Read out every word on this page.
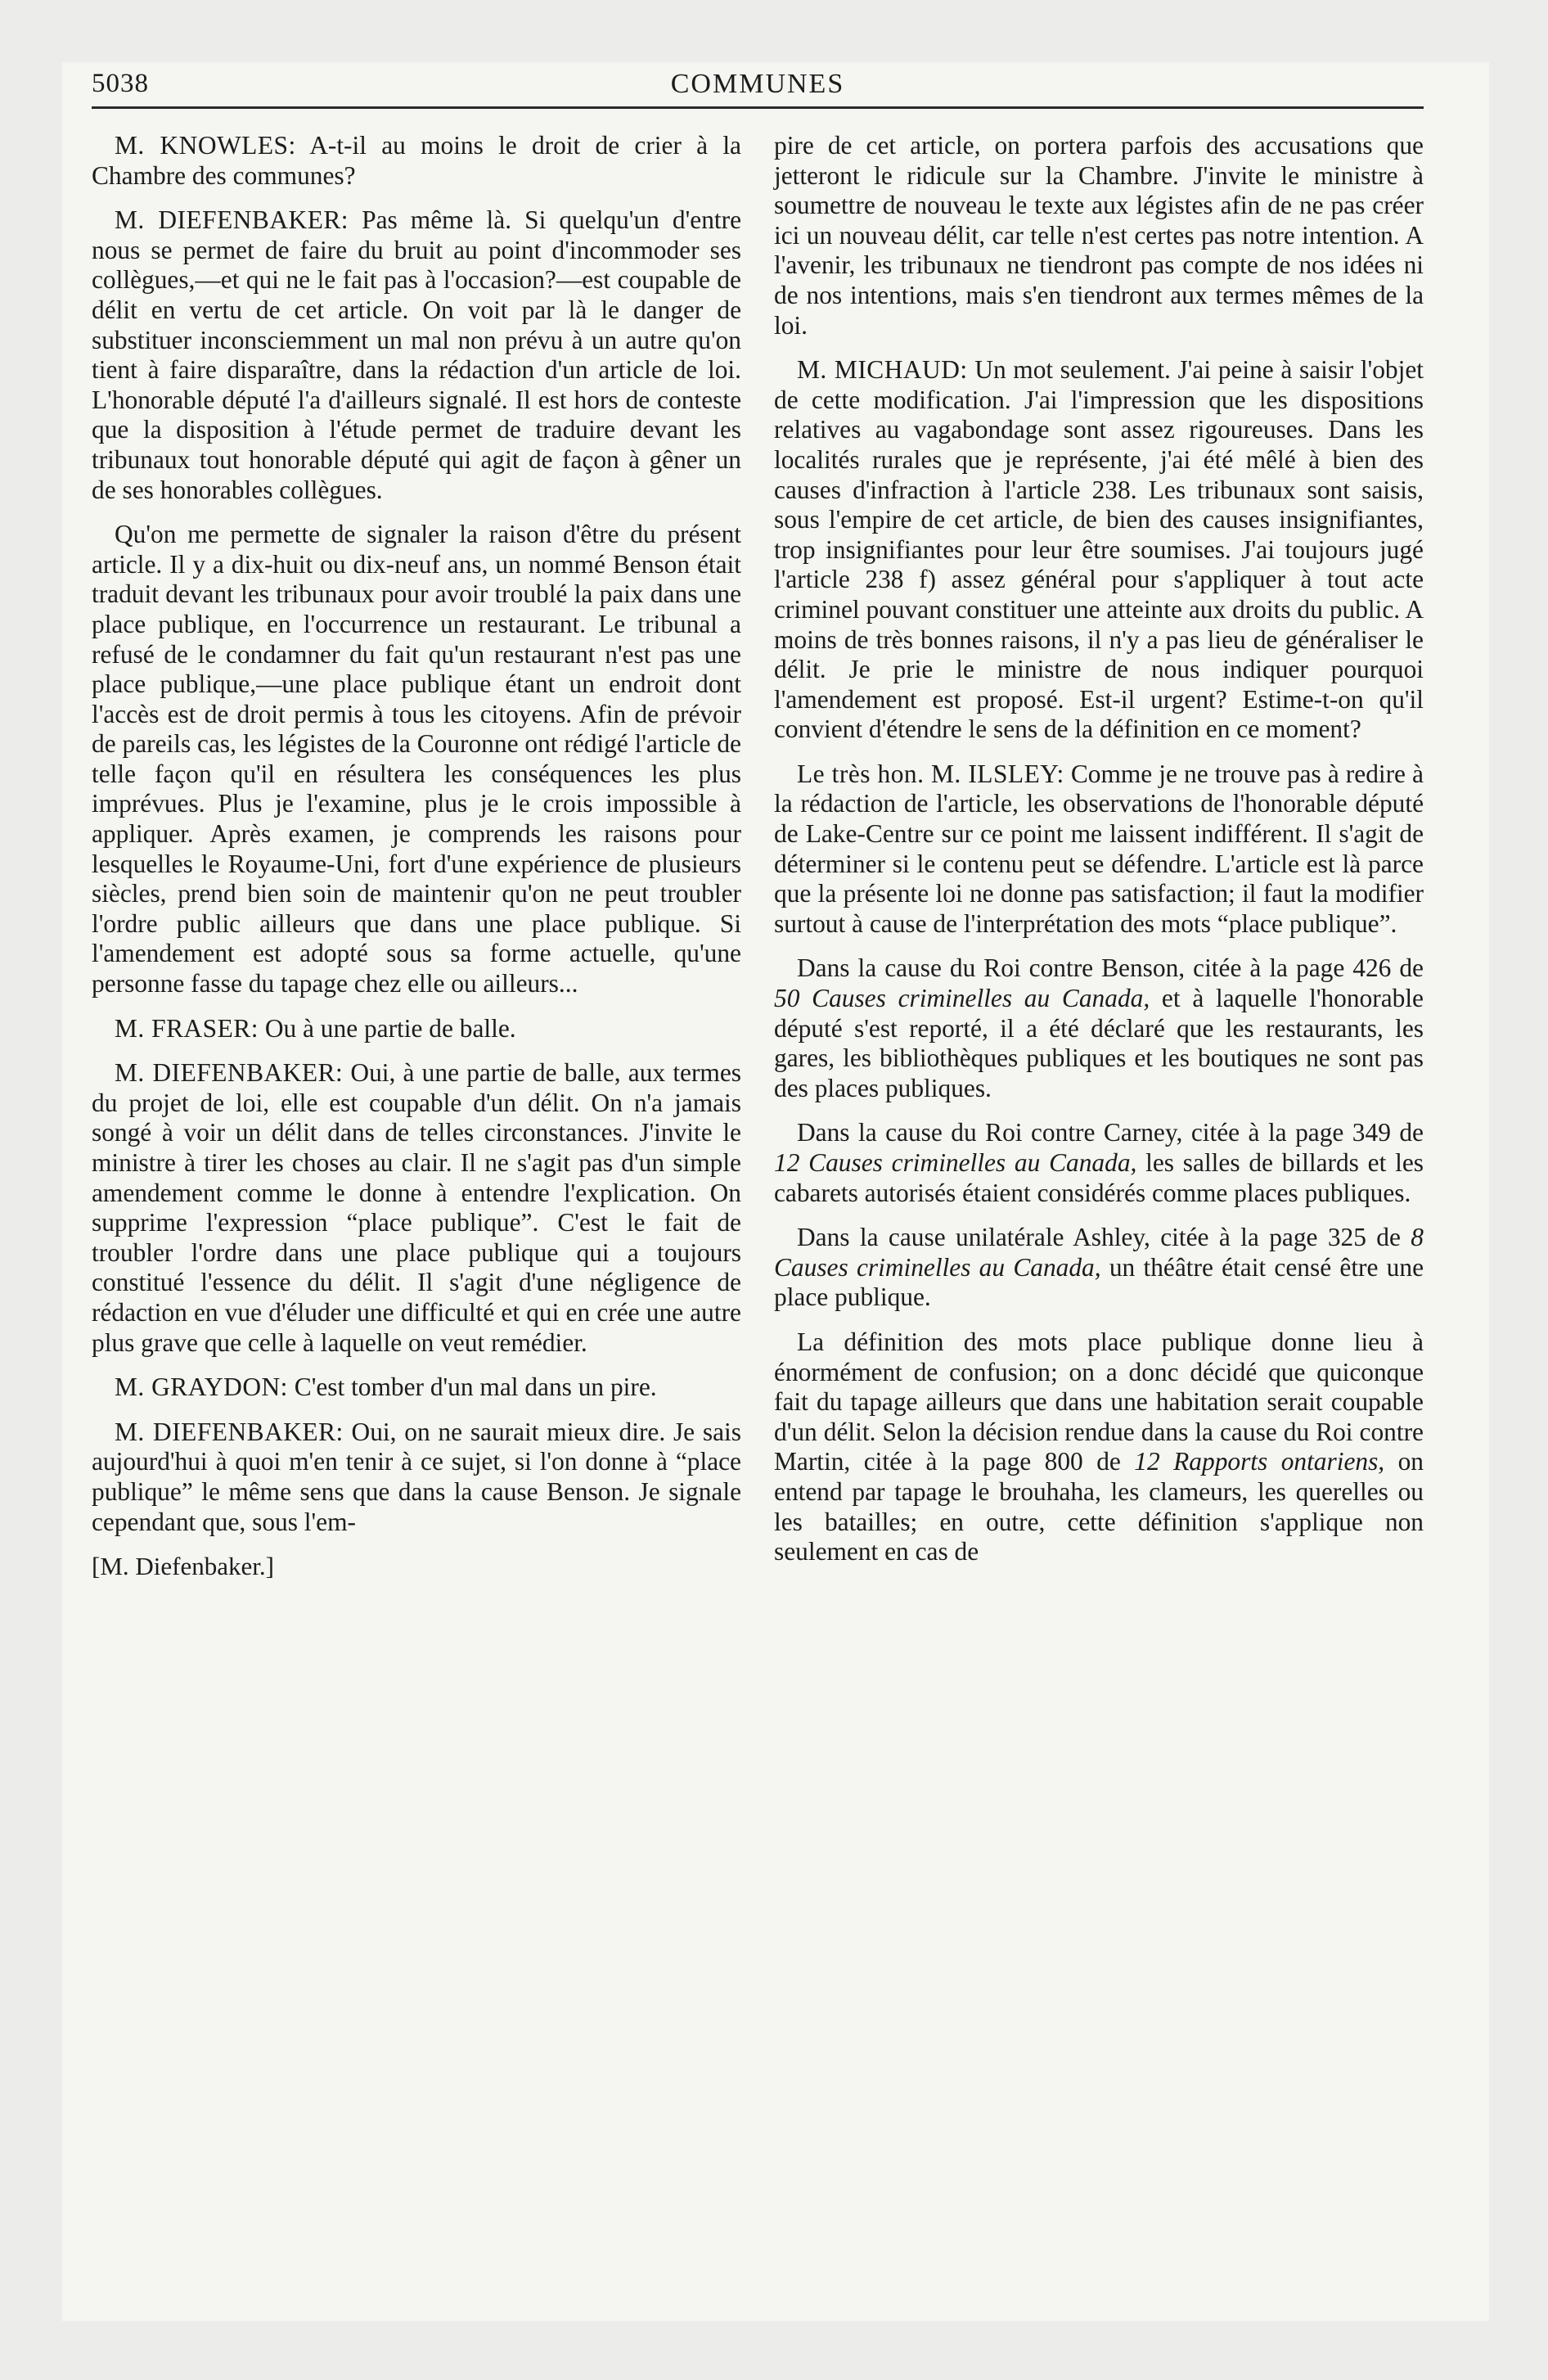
5038	COMMUNES

M. KNOWLES: A-t-il au moins le droit de crier à la Chambre des communes?

M. DIEFENBAKER: Pas même là. Si quelqu'un d'entre nous se permet de faire du bruit au point d'incommoder ses collègues,—et qui ne le fait pas à l'occasion?—est coupable de délit en vertu de cet article. On voit par là le danger de substituer inconsciemment un mal non prévu à un autre qu'on tient à faire disparaître, dans la rédaction d'un article de loi. L'honorable député l'a d'ailleurs signalé. Il est hors de conteste que la disposition à l'étude permet de traduire devant les tribunaux tout honorable député qui agit de façon à gêner un de ses honorables collègues.

Qu'on me permette de signaler la raison d'être du présent article. Il y a dix-huit ou dix-neuf ans, un nommé Benson était traduit devant les tribunaux pour avoir troublé la paix dans une place publique, en l'occurrence un restaurant. Le tribunal a refusé de le condamner du fait qu'un restaurant n'est pas une place publique,—une place publique étant un endroit dont l'accès est de droit permis à tous les citoyens. Afin de prévoir de pareils cas, les légistes de la Couronne ont rédigé l'article de telle façon qu'il en résultera les conséquences les plus imprévues. Plus je l'examine, plus je le crois impossible à appliquer. Après examen, je comprends les raisons pour lesquelles le Royaume-Uni, fort d'une expérience de plusieurs siècles, prend bien soin de maintenir qu'on ne peut troubler l'ordre public ailleurs que dans une place publique. Si l'amendement est adopté sous sa forme actuelle, qu'une personne fasse du tapage chez elle ou ailleurs...

M. FRASER: Ou à une partie de balle.

M. DIEFENBAKER: Oui, à une partie de balle, aux termes du projet de loi, elle est coupable d'un délit. On n'a jamais songé à voir un délit dans de telles circonstances. J'invite le ministre à tirer les choses au clair. Il ne s'agit pas d'un simple amendement comme le donne à entendre l'explication. On supprime l'expression “place publique”. C'est le fait de troubler l'ordre dans une place publique qui a toujours constitué l'essence du délit. Il s'agit d'une négligence de rédaction en vue d'éluder une difficulté et qui en crée une autre plus grave que celle à laquelle on veut remédier.

M. GRAYDON: C'est tomber d'un mal dans un pire.

M. DIEFENBAKER: Oui, on ne saurait mieux dire. Je sais aujourd'hui à quoi m'en tenir à ce sujet, si l'on donne à “place publique” le même sens que dans la cause Benson. Je signale cependant que, sous l'em-

[M. Diefenbaker.]

pire de cet article, on portera parfois des accusations que jetteront le ridicule sur la Chambre. J'invite le ministre à soumettre de nouveau le texte aux légistes afin de ne pas créer ici un nouveau délit, car telle n'est certes pas notre intention. A l'avenir, les tribunaux ne tiendront pas compte de nos idées ni de nos intentions, mais s'en tiendront aux termes mêmes de la loi.

M. MICHAUD: Un mot seulement. J'ai peine à saisir l'objet de cette modification. J'ai l'impression que les dispositions relatives au vagabondage sont assez rigoureuses. Dans les localités rurales que je représente, j'ai été mêlé à bien des causes d'infraction à l'article 238. Les tribunaux sont saisis, sous l'empire de cet article, de bien des causes insignifiantes, trop insignifiantes pour leur être soumises. J'ai toujours jugé l'article 238 f) assez général pour s'appliquer à tout acte criminel pouvant constituer une atteinte aux droits du public. A moins de très bonnes raisons, il n'y a pas lieu de généraliser le délit. Je prie le ministre de nous indiquer pourquoi l'amendement est proposé. Est-il urgent? Estime-t-on qu'il convient d'étendre le sens de la définition en ce moment?

Le très hon. M. ILSLEY: Comme je ne trouve pas à redire à la rédaction de l'article, les observations de l'honorable député de Lake-Centre sur ce point me laissent indifférent. Il s'agit de déterminer si le contenu peut se défendre. L'article est là parce que la présente loi ne donne pas satisfaction; il faut la modifier surtout à cause de l'interprétation des mots “place publique”.

Dans la cause du Roi contre Benson, citée à la page 426 de 50 Causes criminelles au Canada, et à laquelle l'honorable député s'est reporté, il a été déclaré que les restaurants, les gares, les bibliothèques publiques et les boutiques ne sont pas des places publiques.

Dans la cause du Roi contre Carney, citée à la page 349 de 12 Causes criminelles au Canada, les salles de billards et les cabarets autorisés étaient considérés comme places publiques.

Dans la cause unilatérale Ashley, citée à la page 325 de 8 Causes criminelles au Canada, un théâtre était censé être une place publique.

La définition des mots place publique donne lieu à énormément de confusion; on a donc décidé que quiconque fait du tapage ailleurs que dans une habitation serait coupable d'un délit. Selon la décision rendue dans la cause du Roi contre Martin, citée à la page 800 de 12 Rapports ontariens, on entend par tapage le brouhaha, les clameurs, les querelles ou les batailles; en outre, cette définition s'applique non seulement en cas de
